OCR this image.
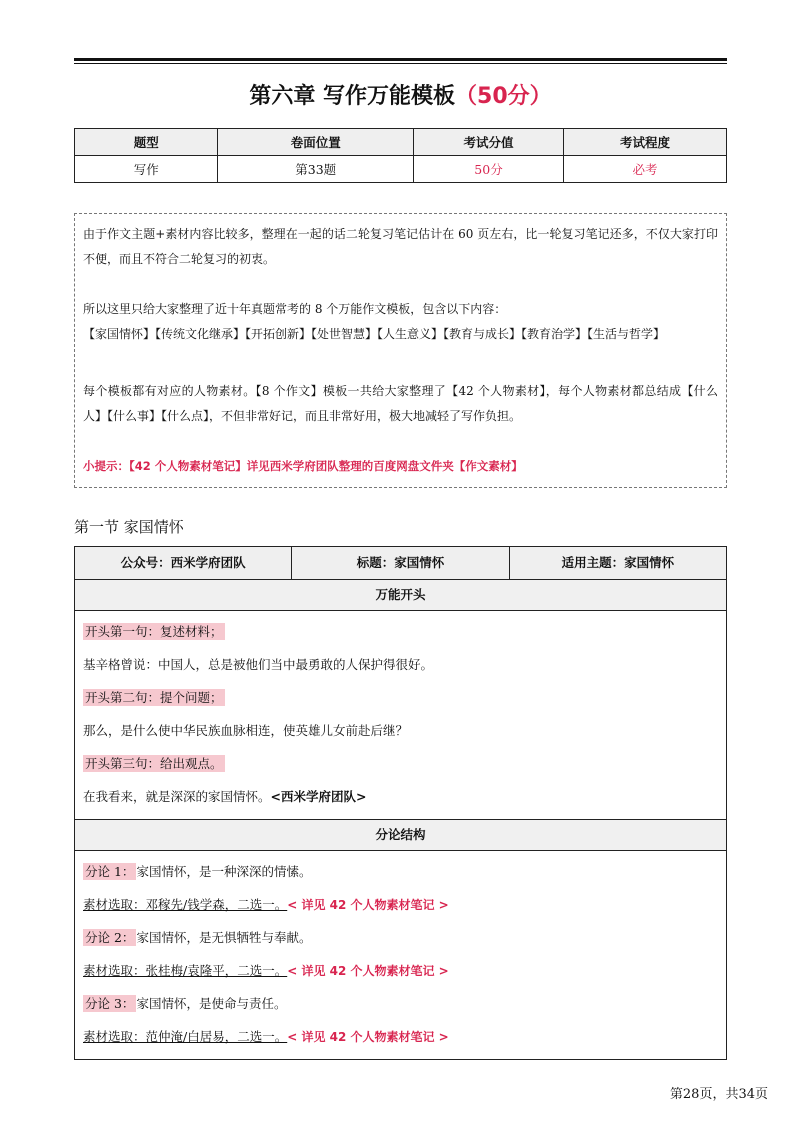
第六章 写作万能模板（50分）
题型	卷面位置	考试分值	考试程度
写作	第33题	50分	必考

由于作文主题+素材内容比较多，整理在一起的话二轮复习笔记估计在 60 页左右，比一轮复习笔记还多，不仅大家打印不便，而且不符合二轮复习的初衷。

所以这里只给大家整理了近十年真题常考的 8 个万能作文模板，包含以下内容：

【家国情怀】【传统文化继承】【开拓创新】【处世智慧】【人生意义】【教育与成长】【教育治学】【生活与哲学】

每个模板都有对应的人物素材。【8 个作文】模板一共给大家整理了【42 个人物素材】，每个人物素材都总结成【什么人】【什么事】【什么点】，不但非常好记，而且非常好用，极大地减轻了写作负担。

小提示：【42 个人物素材笔记】详见西米学府团队整理的百度网盘文件夹【作文素材】

第一节 家国情怀
公众号：西米学府团队	标题：家国情怀	适用主题：家国情怀
万能开头
开头第一句：复述材料；
基辛格曾说：中国人，总是被他们当中最勇敢的人保护得很好。
开头第二句：提个问题；
那么，是什么使中华民族血脉相连，使英雄儿女前赴后继？
开头第三句：给出观点。
在我看来，就是深深的家国情怀。<西米学府团队>
分论结构
分论 1： 家国情怀，是一种深深的情愫。
素材选取：邓稼先/钱学森，二选一。< 详见 42 个人物素材笔记 >
分论 2： 家国情怀，是无惧牺牲与奉献。
素材选取：张桂梅/袁隆平，二选一。< 详见 42 个人物素材笔记 >
分论 3： 家国情怀，是使命与责任。
素材选取：范仲淹/白居易，二选一。< 详见 42 个人物素材笔记 >
第28页，共34页
